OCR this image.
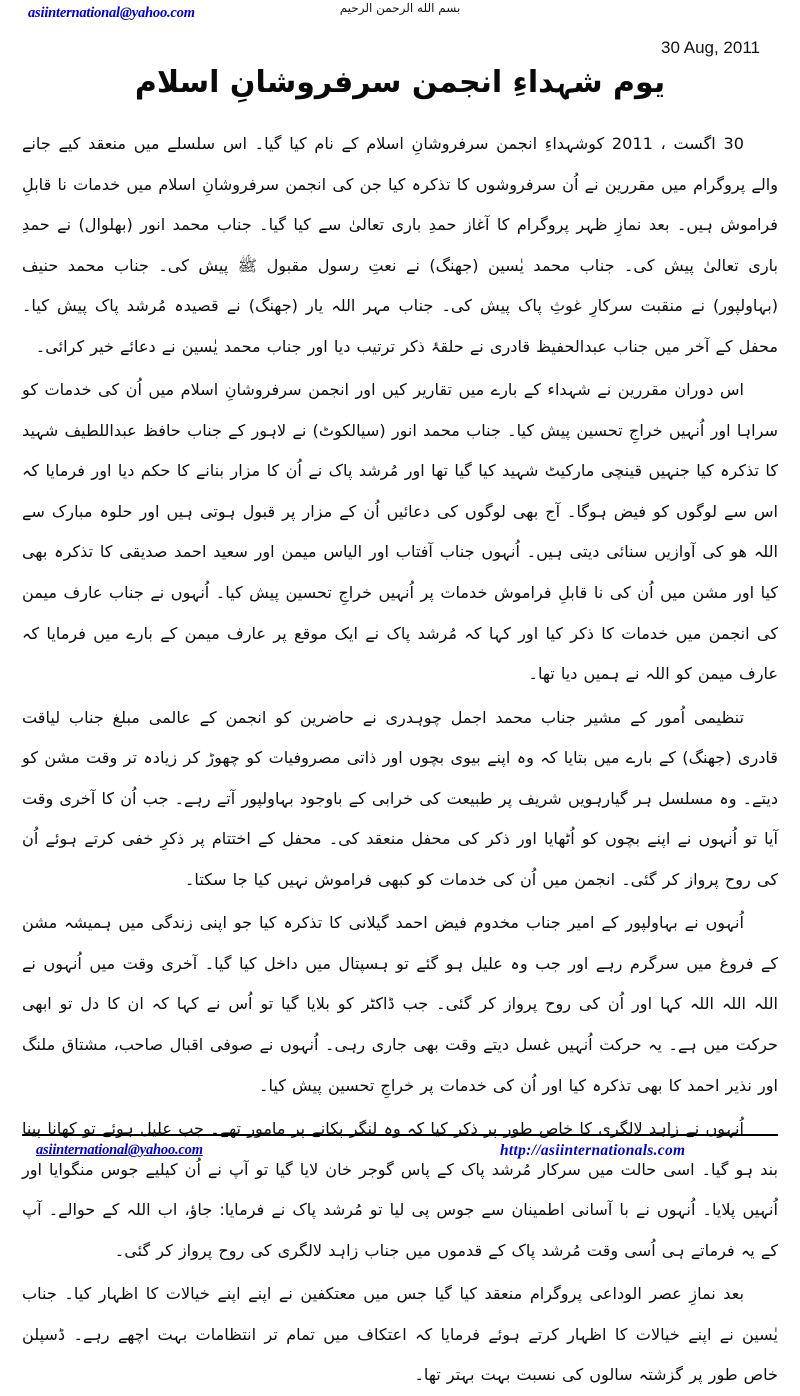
asiinternational@yahoo.com	بسم الله الرحمن الرحيم
30 Aug, 2011
یوم شہداءِ انجمن سرفروشانِ اسلام

30 اگست ، 2011 کوشہداءِ انجمن سرفروشانِ اسلام کے نام کیا گیا۔ اس سلسلے میں منعقد کیے جانے والے پروگرام میں مقررین نے اُن سرفروشوں کا تذکرہ کیا جن کی انجمن سرفروشانِ اسلام میں خدمات نا قابلِ فراموش ہیں۔ بعد نمازِ ظہر پروگرام کا آغاز حمدِ باری تعالیٰ سے کیا گیا۔ جناب محمد انور (بھلوال) نے حمدِ باری تعالیٰ پیش کی۔ جناب محمد یٰسین (جھنگ) نے نعتِ رسول مقبول ﷺ پیش کی۔ جناب محمد حنیف (بہاولپور) نے منقبت سرکارِ غوثِ پاک پیش کی۔ جناب مہر اللہ یار (جھنگ) نے قصیدہ مُرشد پاک پیش کیا۔ محفل کے آخر میں جناب عبدالحفیظ قادری نے حلقۂ ذکر ترتیب دیا اور جناب محمد یٰسین نے دعائے خیر کرائی۔

اس دوران مقررین نے شہداء کے بارے میں تقاریر کیں اور انجمن سرفروشانِ اسلام میں اُن کی خدمات کو سراہا اور اُنہیں خراجِ تحسین پیش کیا۔ جناب محمد انور (سیالکوٹ) نے لاہور کے جناب حافظ عبداللطیف شہید کا تذکرہ کیا جنہیں قینچی مارکیٹ شہید کیا گیا تھا اور مُرشد پاک نے اُن کا مزار بنانے کا حکم دیا اور فرمایا کہ اس سے لوگوں کو فیض ہوگا۔ آج بھی لوگوں کی دعائیں اُن کے مزار پر قبول ہوتی ہیں اور حلوہ مبارک سے اللہ ھو کی آوازیں سنائی دیتی ہیں۔ اُنہوں جناب آفتاب اور الیاس میمن اور سعید احمد صدیقی کا تذکرہ بھی کیا اور مشن میں اُن کی نا قابلِ فراموش خدمات پر اُنہیں خراجِ تحسین پیش کیا۔ اُنہوں نے جناب عارف میمن کی انجمن میں خدمات کا ذکر کیا اور کہا کہ مُرشد پاک نے ایک موقع پر عارف میمن کے بارے میں فرمایا کہ عارف میمن کو اللہ نے ہمیں دیا تھا۔

تنظیمی اُمور کے مشیر جناب محمد اجمل چوہدری نے حاضرین کو انجمن کے عالمی مبلغ جناب لیاقت قادری (جھنگ) کے بارے میں بتایا کہ وہ اپنے بیوی بچوں اور ذاتی مصروفیات کو چھوڑ کر زیادہ تر وقت مشن کو دیتے۔ وہ مسلسل ہر گیارہویں شریف پر طبیعت کی خرابی کے باوجود بہاولپور آتے رہے۔ جب اُن کا آخری وقت آیا تو اُنہوں نے اپنے بچوں کو اُٹھایا اور ذکر کی محفل منعقد کی۔ محفل کے اختتام پر ذکرِ خفی کرتے ہوئے اُن کی روح پرواز کر گئی۔ انجمن میں اُن کی خدمات کو کبھی فراموش نہیں کیا جا سکتا۔

اُنہوں نے بہاولپور کے امیر جناب مخدوم فیض احمد گیلانی کا تذکرہ کیا جو اپنی زندگی میں ہمیشہ مشن کے فروغ میں سرگرم رہے اور جب وہ علیل ہو گئے تو ہسپتال میں داخل کیا گیا۔ آخری وقت میں اُنہوں نے اللہ اللہ اللہ کہا اور اُن کی روح پرواز کر گئی۔ جب ڈاکٹر کو بلایا گیا تو اُس نے کہا کہ ان کا دل تو ابھی حرکت میں ہے۔ یہ حرکت اُنہیں غسل دیتے وقت بھی جاری رہی۔ اُنہوں نے صوفی اقبال صاحب، مشتاق ملنگ اور نذیر احمد کا بھی تذکرہ کیا اور اُن کی خدمات پر خراجِ تحسین پیش کیا۔

اُنہوں نے زاہد لالگری کا خاص طور پر ذکر کیا کہ وہ لنگر پکانے پر مامور تھے۔ جب علیل ہوئے تو کھانا پینا بند ہو گیا۔ اسی حالت میں سرکار مُرشد پاک کے پاس گوجر خان لایا گیا تو آپ نے اُن کیلیے جوس منگوایا اور اُنہیں پلایا۔ اُنہوں نے با آسانی اطمینان سے جوس پی لیا تو مُرشد پاک نے فرمایا: جاؤ، اب اللہ کے حوالے۔ آپ کے یہ فرماتے ہی اُسی وقت مُرشد پاک کے قدموں میں جناب زاہد لالگری کی روح پرواز کر گئی۔

بعد نمازِ عصر الوداعی پروگرام منعقد کیا گیا جس میں معتکفین نے اپنے اپنے خیالات کا اظہار کیا۔ جناب یٰسین نے اپنے خیالات کا اظہار کرتے ہوئے فرمایا کہ اعتکاف میں تمام تر انتظامات بہت اچھے رہے۔ ڈسپلن خاص طور پر گزشتہ سالوں کی نسبت بہت بہتر تھا۔

asiinternational@yahoo.com	http://asiinternationals.com
